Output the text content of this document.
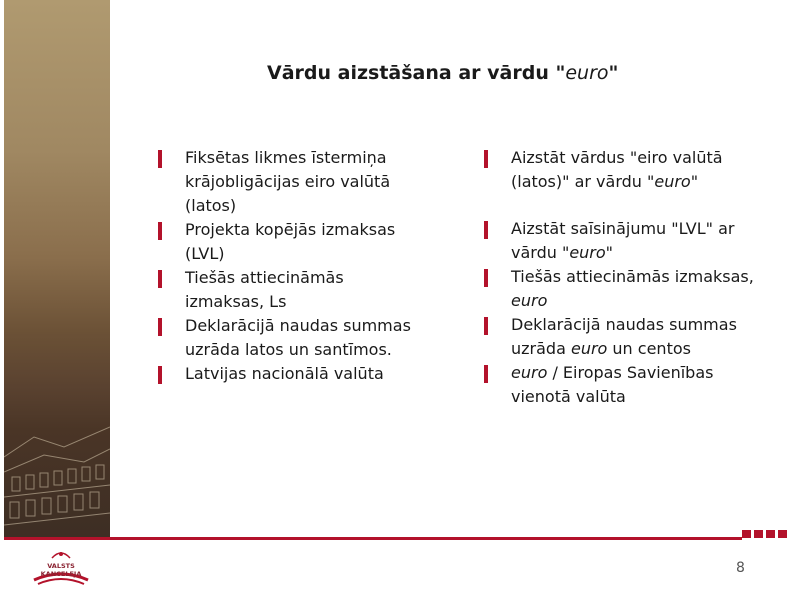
Vārdu aizstāšana ar vārdu "euro"
Fiksētas likmes īstermiņa krājobligācijas eiro valūtā (latos)
Projekta kopējās izmaksas (LVL)
Tiešās attiecināmās izmaksas, Ls
Deklarācijā naudas summas uzrāda latos un santīmos.
Latvijas nacionālā valūta
Aizstāt vārdus "eiro valūtā (latos)" ar vārdu "euro"
Aizstāt saīsinājumu "LVL" ar vārdu "euro"
Tiešās attiecināmās izmaksas, euro
Deklarācijā naudas summas uzrāda euro un centos
euro / Eiropas Savienības vienotā valūta
VALSTS
KANCELEJA	8
